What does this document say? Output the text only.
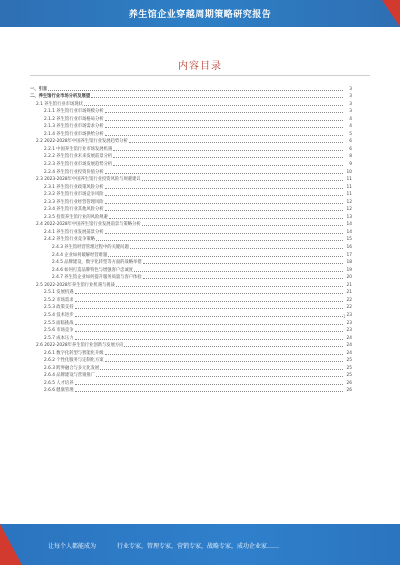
养生馆企业穿越周期策略研究报告
内容目录
一、引言	3
二、养生馆行业市场分析及展望	3
2.1 养生馆行业市场现状	3
2.1.1 养生馆行业市场规模分析	3
2.1.2 养生馆行业市场格局分析	4
2.1.3 养生馆行业市场需求分析	4
2.1.4 养生馆行业市场供给分析	5
2.2 2022-2028年中国养生馆行业发展趋势分析	6
2.2.1 中国养生馆行业市场发展机遇	6
2.2.2 养生馆行业未来发展前景分析	8
2.2.3 养生馆行业市场发展趋势分析	9
2.2.4 养生馆行业投资价值分析	10
2.3 2023-2028年中国养生馆行业投资风险与规避建议	11
2.3.1 养生馆行业政策风险分析	11
2.3.2 养生馆行业市场竞争风险	11
2.3.3 养生馆行业经营管理风险	12
2.3.4 养生馆行业其他风险分析	12
2.3.5 投资养生馆行业的风险规避	13
2.4 2022-2028年中国养生馆行业发展前景与策略分析	14
2.4.1 养生馆行业发展前景分析	14
2.4.2 养生馆行业竞争策略	15
2.4.3 养生馆经营管理过程中的关键问题	16
2.4.4 企业如何破解经营难题	17
2.4.5 品牌建设、数字化转型等方面的战略举措	18
2.4.6 如何打造品牌特色与增强客户忠诚度	19
2.4.7 养生馆企业如何提升服务质量与客户体验	20
2.5 2022-2028年养生馆行业机遇与挑战	21
2.5.1 发展机遇	21
2.5.2 市场需求	22
2.5.3 政策支持	22
2.5.4 技术进步	23
2.5.5 面临挑战	23
2.5.6 市场竞争	23
2.5.7 成本压力	24
2.6 2022-2028年养生馆行业创新与发展方向	24
2.6.1 数字化转型与智能化升级	24
2.6.2 个性化服务与定制化方案	25
2.6.3 跨界融合与多元化发展	25
2.6.4 品牌建设与营销推广	25
2.6.5 人才培养	26
2.6.6 健康管理	26
1
让每个人都能成为	行业专家，管理专家，营销专家，战略专家，成功企业家……
